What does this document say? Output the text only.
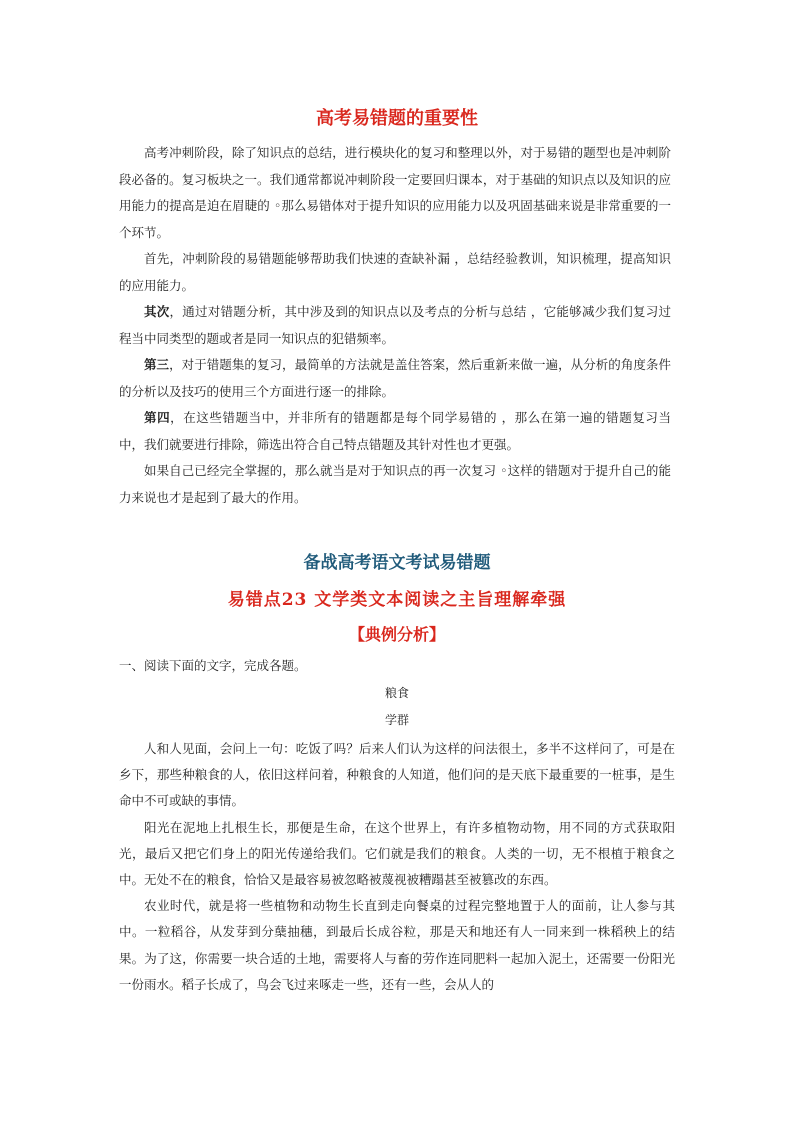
高考易错题的重要性

高考冲刺阶段，除了知识点的总结，进行模块化的复习和整理以外，对于易错的题型也是冲刺阶段必备的。复习板块之一。我们通常都说冲刺阶段一定要回归课本，对于基础的知识点以及知识的应用能力的提高是迫在眉睫的 ◦那么易错体对于提升知识的应用能力以及巩固基础来说是非常重要的一个环节。

首先，冲刺阶段的易错题能够帮助我们快速的查缺补漏 ，总结经验教训，知识梳理，提高知识的应用能力。

其次，通过对错题分析，其中涉及到的知识点以及考点的分析与总结 ，它能够减少我们复习过程当中同类型的题或者是同一知识点的犯错频率。

第三，对于错题集的复习，最简单的方法就是盖住答案，然后重新来做一遍，从分析的角度条件的分析以及技巧的使用三个方面进行逐一的排除。

第四，在这些错题当中，并非所有的错题都是每个同学易错的 ，那么在第一遍的错题复习当中，我们就要进行排除，筛选出符合自己特点错题及其针对性也才更强。

如果自己已经完全掌握的，那么就当是对于知识点的再一次复习 ◦这样的错题对于提升自己的能力来说也才是起到了最大的作用。

备战高考语文考试易错题
易错点23 文学类文本阅读之主旨理解牵强
【典例分析】
一、阅读下面的文字，完成各题。
粮食
学群

人和人见面，会问上一句：吃饭了吗？后来人们认为这样的问法很土，多半不这样问了，可是在乡下，那些种粮食的人，依旧这样问着，种粮食的人知道，他们问的是天底下最重要的一桩事，是生命中不可或缺的事情。

阳光在泥地上扎根生长，那便是生命，在这个世界上，有许多植物动物，用不同的方式获取阳光，最后又把它们身上的阳光传递给我们。它们就是我们的粮食。人类的一切，无不根植于粮食之中。无处不在的粮食，恰恰又是最容易被忽略被蔑视被糟蹋甚至被篡改的东西。

农业时代，就是将一些植物和动物生长直到走向餐桌的过程完整地置于人的面前，让人参与其中。一粒稻谷，从发芽到分蘖抽穗，到最后长成谷粒，那是天和地还有人一同来到一株稻秧上的结果。为了这，你需要一块合适的土地，需要将人与畜的劳作连同肥料一起加入泥土，还需要一份阳光一份雨水。稻子长成了，鸟会飞过来啄走一些，还有一些，会从人的
